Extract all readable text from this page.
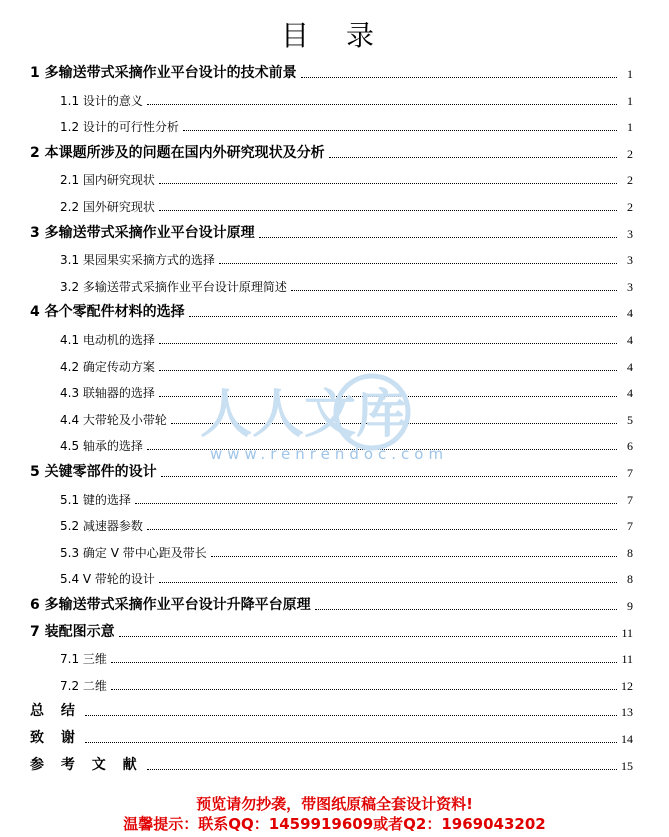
目 录
1 多输送带式采摘作业平台设计的技术前景	1
1.1 设计的意义	1
1.2 设计的可行性分析	1
2 本课题所涉及的问题在国内外研究现状及分析	2
2.1 国内研究现状	2
2.2 国外研究现状	2
3 多输送带式采摘作业平台设计原理	3
3.1 果园果实采摘方式的选择	3
3.2 多输送带式采摘作业平台设计原理简述	3
4 各个零配件材料的选择	4
4.1 电动机的选择	4
4.2 确定传动方案	4
4.3 联轴器的选择	4
4.4 大带轮及小带轮	5
4.5 轴承的选择	6
5 关键零部件的设计	7
5.1 键的选择	7
5.2 减速器参数	7
5.3 确定 V 带中心距及带长	8
5.4 V 带轮的设计	8
6 多输送带式采摘作业平台设计升降平台原理	9
7 装配图示意	11
7.1 三维	11
7.2 二维	12
总 结	13
致 谢	14
参 考 文 献	15
人人文库
www.renrendoc.com
预览请勿抄袭，带图纸原稿全套设计资料!
温馨提示：联系QQ：1459919609或者Q2：1969043202
